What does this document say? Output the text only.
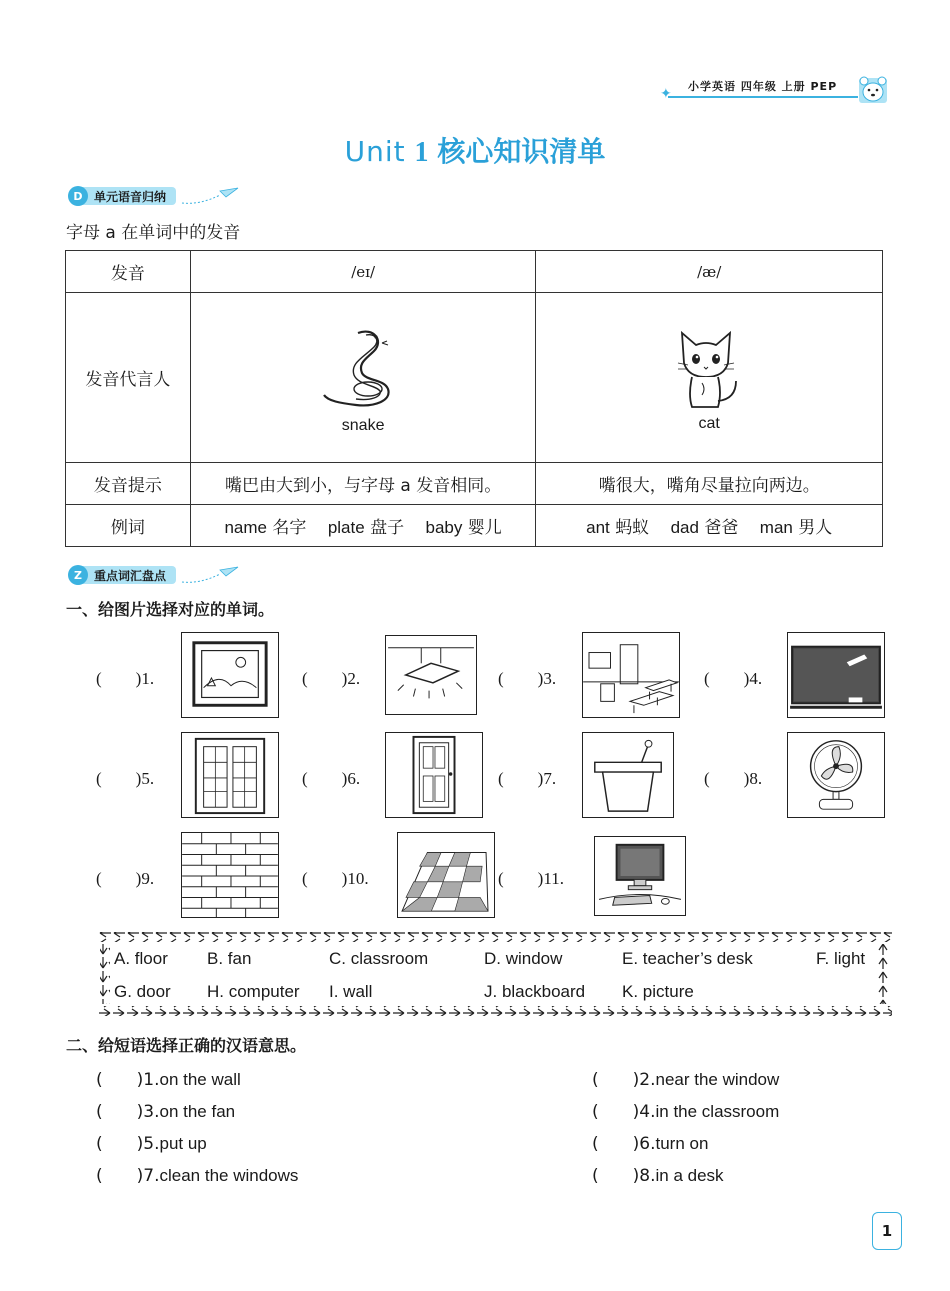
✦ 小学英语 四年级 上册 PEP
Unit 1 核心知识清单
D 单元语音归纳
字母 a 在单词中的发音
发音	/eɪ/	/æ/
发音代言人	snake	cat

发音提示	嘴巴由大到小，与字母 a 发音相同。	嘴很大，嘴角尽量拉向两边。
例词	name 名字 plate 盘子 baby 婴儿	ant 蚂蚁 dad 爸爸 man 男人
Z	重点词汇盘点
一、给图片选择对应的单词。
(　　)1.	(　　)2.	(　　)3.	(　　)4.
(　　)5.	(　　)6.	(　　)7.	(　　)8.
(　　)9.	(　　)10.	(　　)11.
A. floor B. fan	C. classroom	D. window	E. teacher’s desk	F. light
G. door H. computer I. wall	J. blackboard K. picture
二、给短语选择正确的汉语意思。
(　　)1.on the wall	(　　)2.near the window
(　　)3.on the fan	(　　)4.in the classroom
(　　)5.put up	(　　)6.turn on
(　　)7.clean the windows	(　　)8.in a desk
1
